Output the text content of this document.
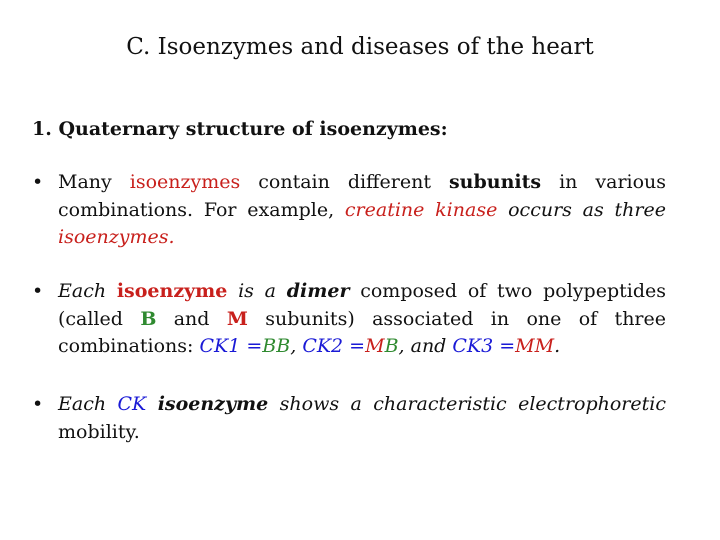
C. Isoenzymes and diseases of the heart
1. Quaternary structure of isoenzymes:
• Many isoenzymes contain different subunits in various combinations. For example, creatine kinase occurs as three isoenzymes.
• Each isoenzyme is a dimer composed of two polypeptides (called B and M subunits) associated in one of three combinations: CK1 =BB, CK2 =MB, and CK3 =MM.
• Each CK isoenzyme shows a characteristic electrophoretic mobility.
